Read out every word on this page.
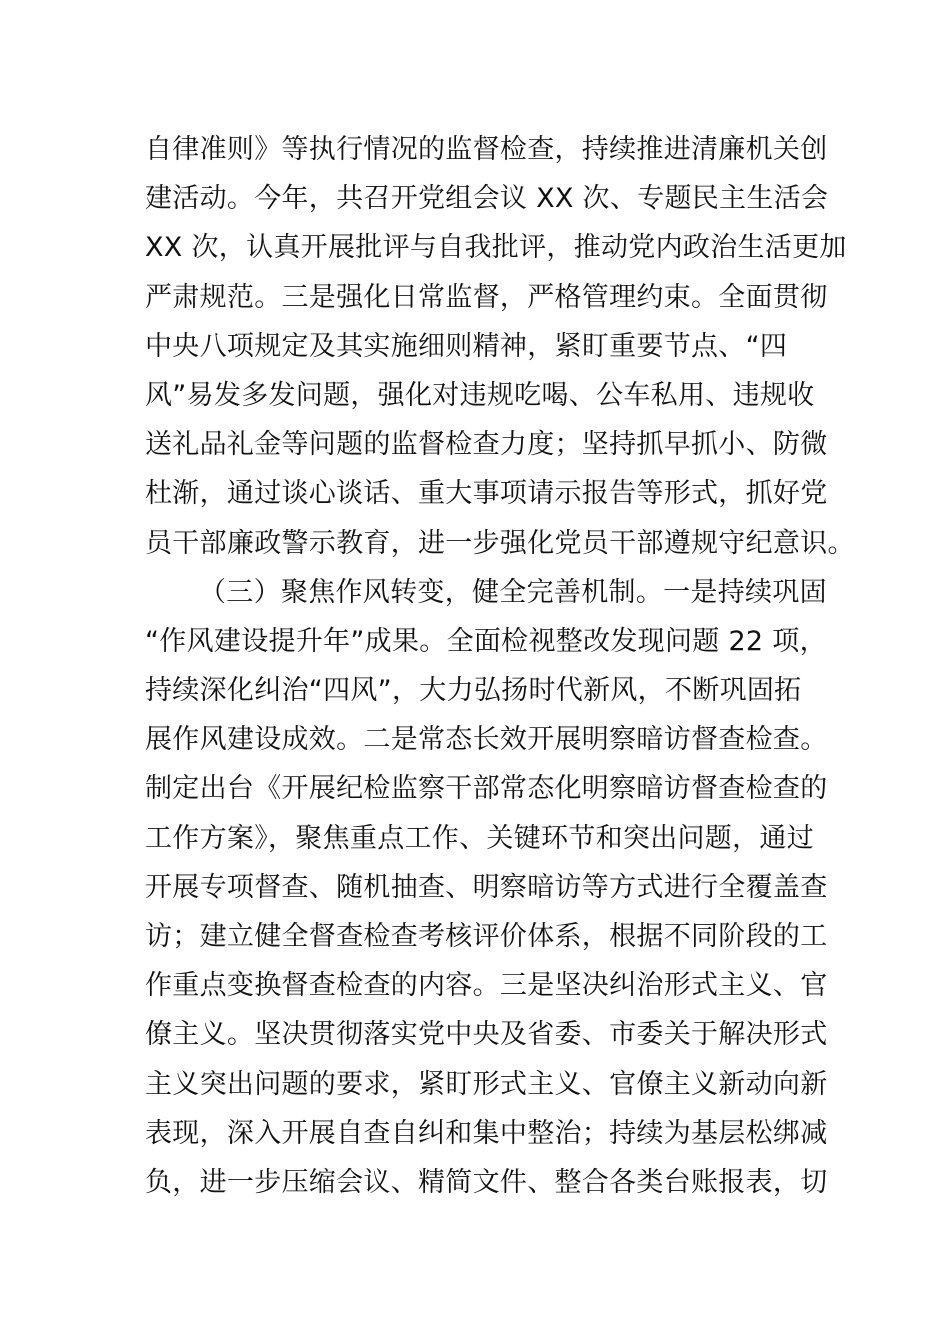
自律准则》等执行情况的监督检查，持续推进清廉机关创
建活动。今年，共召开党组会议 XX 次、专题民主生活会
XX 次，认真开展批评与自我批评，推动党内政治生活更加
严肃规范。三是强化日常监督，严格管理约束。全面贯彻
中央八项规定及其实施细则精神，紧盯重要节点、“四
风”易发多发问题，强化对违规吃喝、公车私用、违规收
送礼品礼金等问题的监督检查力度；坚持抓早抓小、防微
杜渐，通过谈心谈话、重大事项请示报告等形式，抓好党
员干部廉政警示教育，进一步强化党员干部遵规守纪意识。
（三）聚焦作风转变，健全完善机制。一是持续巩固
“作风建设提升年”成果。全面检视整改发现问题 22 项，
持续深化纠治“四风”，大力弘扬时代新风，不断巩固拓
展作风建设成效。二是常态长效开展明察暗访督查检查。
制定出台《开展纪检监察干部常态化明察暗访督查检查的
工作方案》，聚焦重点工作、关键环节和突出问题，通过
开展专项督查、随机抽查、明察暗访等方式进行全覆盖查
访；建立健全督查检查考核评价体系，根据不同阶段的工
作重点变换督查检查的内容。三是坚决纠治形式主义、官
僚主义。坚决贯彻落实党中央及省委、市委关于解决形式
主义突出问题的要求，紧盯形式主义、官僚主义新动向新
表现，深入开展自查自纠和集中整治；持续为基层松绑减
负，进一步压缩会议、精简文件、整合各类台账报表，切
